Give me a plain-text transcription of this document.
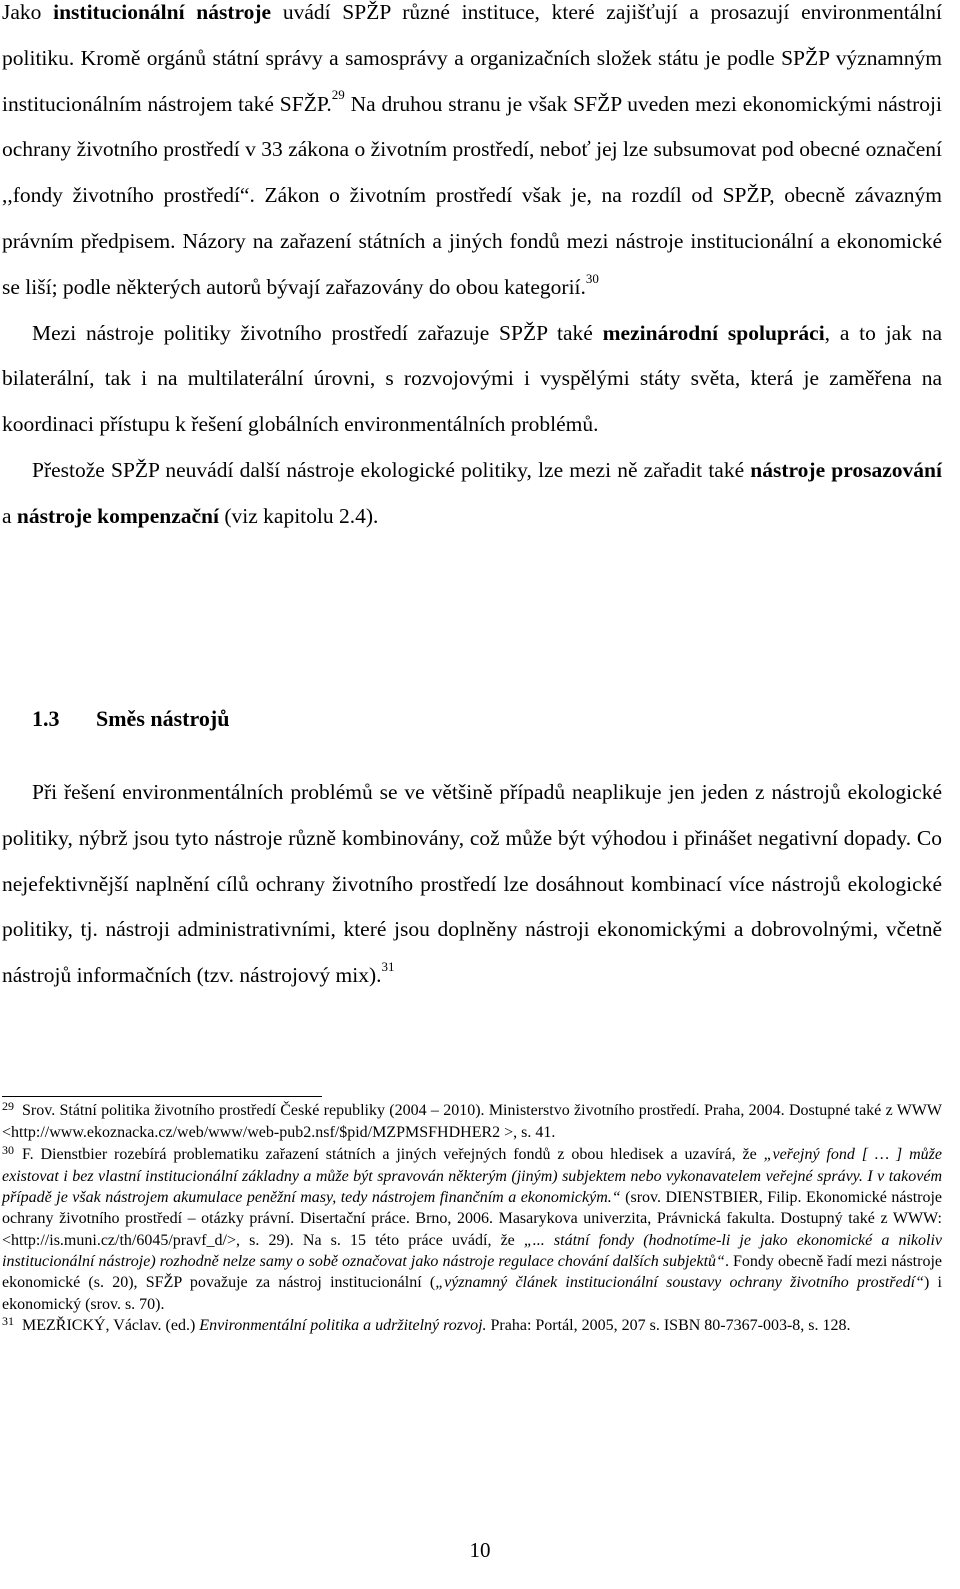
Jako institucionální nástroje uvádí SPŽP různé instituce, které zajišťují a prosazují environmentální politiku. Kromě orgánů státní správy a samosprávy a organizačních složek státu je podle SPŽP významným institucionálním nástrojem také SFŽP.$^{29}$ Na druhou stranu je však SFŽP uveden mezi ekonomickými nástroji ochrany životního prostředí v 33 zákona o životním prostředí, neboť jej lze subsumovat pod obecné označení ,,fondy životního prostředí“. Zákon o životním prostředí však je, na rozdíl od SPŽP, obecně závazným právním předpisem. Názory na zařazení státních a jiných fondů mezi nástroje institucionální a ekonomické se liší; podle některých autorů bývají zařazovány do obou kategorií.$^{30}$

Mezi nástroje politiky životního prostředí zařazuje SPŽP také mezinárodní spolupráci, a to jak na bilaterální, tak i na multilaterální úrovni, s rozvojovými i vyspělými státy světa, která je zaměřena na koordinaci přístupu k řešení globálních environmentálních problémů.

Přestože SPŽP neuvádí další nástroje ekologické politiky, lze mezi ně zařadit také nástroje prosazování a nástroje kompenzační (viz kapitolu 2.4).

1.3 Směs nástrojů

Při řešení environmentálních problémů se ve většině případů neaplikuje jen jeden z nástrojů ekologické politiky, nýbrž jsou tyto nástroje různě kombinovány, což může být výhodou i přinášet negativní dopady. Co nejefektivnější naplnění cílů ochrany životního prostředí lze dosáhnout kombinací více nástrojů ekologické politiky, tj. nástroji administrativními, které jsou doplněny nástroji ekonomickými a dobrovolnými, včetně nástrojů informačních (tzv. nástrojový mix).$^{31}$

$^{29}$ Srov. Státní politika životního prostředí České republiky (2004 – 2010). Ministerstvo životního prostředí. Praha, 2004. Dostupné také z WWW <http://www.ekoznacka.cz/web/www/web-pub2.nsf/$pid/MZPMSFHDHER2 >, s. 41.

$^{30}$ F. Dienstbier rozebírá problematiku zařazení státních a jiných veřejných fondů z obou hledisek a uzavírá, že „veřejný fond [ … ] může existovat i bez vlastní institucionální základny a může být spravován některým (jiným) subjektem nebo vykonavatelem veřejné správy. I v takovém případě je však nástrojem akumulace peněžní masy, tedy nástrojem finančním a ekonomickým.“ (srov. DIENSTBIER, Filip. Ekonomické nástroje ochrany životního prostředí – otázky právní. Disertační práce. Brno, 2006. Masarykova univerzita, Právnická fakulta. Dostupný také z WWW: <http://is.muni.cz/th/6045/pravf_d/>, s. 29). Na s. 15 této práce uvádí, že „... státní fondy (hodnotíme-li je jako ekonomické a nikoliv institucionální nástroje) rozhodně nelze samy o sobě označovat jako nástroje regulace chování dalších subjektů“. Fondy obecně řadí mezi nástroje ekonomické (s. 20), SFŽP považuje za nástroj institucionální („významný článek institucionální soustavy ochrany životního prostředí“) i ekonomický (srov. s. 70).

$^{31}$ MEZŘICKÝ, Václav. (ed.) Environmentální politika a udržitelný rozvoj. Praha: Portál, 2005, 207 s. ISBN 80-7367-003-8, s. 128.

10
